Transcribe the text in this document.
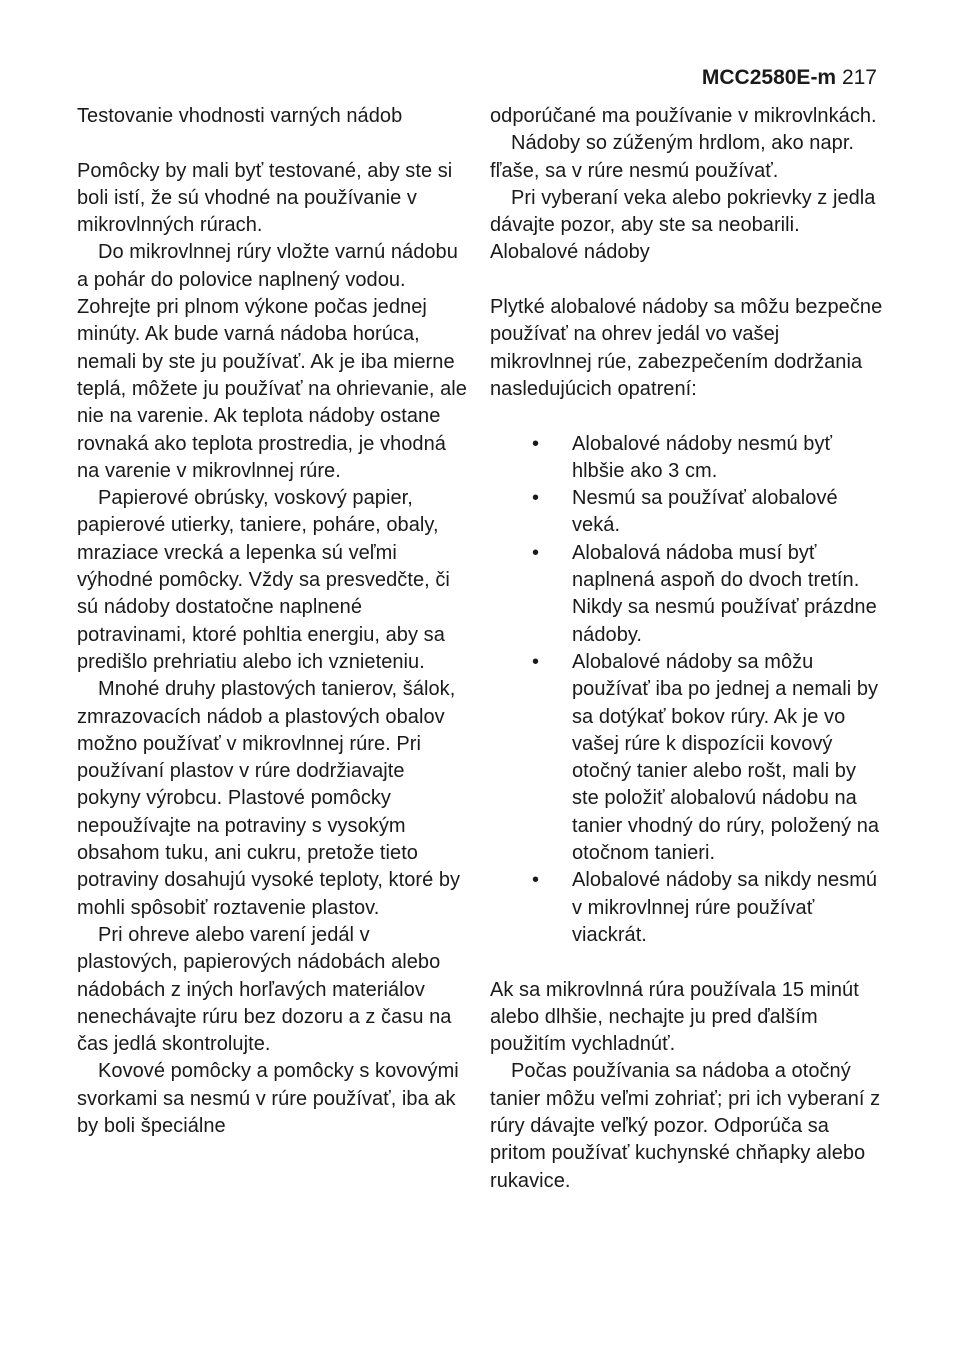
MCC2580E-m 217

Testovanie vhodnosti varných nádob

Pomôcky by mali byť testované, aby ste si boli istí, že sú vhodné na používanie v mikrovlnných rúrach.

Do mikrovlnnej rúry vložte varnú nádobu a pohár do polovice naplnený vodou. Zohrejte pri plnom výkone počas jednej minúty. Ak bude varná nádoba horúca, nemali by ste ju používať. Ak je iba mierne teplá, môžete ju používať na ohrievanie, ale nie na varenie. Ak teplota nádoby ostane rovnaká ako teplota prostredia, je vhodná na varenie v mikrovlnnej rúre.

Papierové obrúsky, voskový papier, papierové utierky, taniere, poháre, obaly, mraziace vrecká a lepenka sú veľmi výhodné pomôcky. Vždy sa presvedčte, či sú nádoby dostatočne naplnené potravinami, ktoré pohltia energiu, aby sa predišlo prehriatiu alebo ich vznieteniu.

Mnohé druhy plastových tanierov, šálok, zmrazovacích nádob a plastových obalov možno používať v mikrovlnnej rúre. Pri používaní plastov v rúre dodržiavajte pokyny výrobcu. Plastové pomôcky nepoužívajte na potraviny s vysokým obsahom tuku, ani cukru, pretože tieto potraviny dosahujú vysoké teploty, ktoré by mohli spôsobiť roztavenie plastov.

Pri ohreve alebo varení jedál v plastových, papierových nádobách alebo nádobách z iných horľavých materiálov nenechávajte rúru bez dozoru a z času na čas jedlá skontrolujte.

Kovové pomôcky a pomôcky s kovovými svorkami sa nesmú v rúre používať, iba ak by boli špeciálne

odporúčané ma používanie v mikrovlnkách.

Nádoby so zúženým hrdlom, ako napr. fľaše, sa v rúre nesmú používať.

Pri vyberaní veka alebo pokrievky z jedla dávajte pozor, aby ste sa neobarili.

Alobalové nádoby

Plytké alobalové nádoby sa môžu bezpečne používať na ohrev jedál vo vašej mikrovlnnej rúe, zabezpečením dodržania nasledujúcich opatrení:

• Alobalové nádoby nesmú byť hlbšie ako 3 cm.
• Nesmú sa používať alobalové veká.
• Alobalová nádoba musí byť naplnená aspoň do dvoch tretín. Nikdy sa nesmú používať prázdne nádoby.
• Alobalové nádoby sa môžu používať iba po jednej a nemali by sa dotýkať bokov rúry. Ak je vo vašej rúre k dispozícii kovový otočný tanier alebo rošt, mali by ste položiť alobalovú nádobu na tanier vhodný do rúry, položený na otočnom tanieri.
• Alobalové nádoby sa nikdy nesmú v mikrovlnnej rúre používať viackrát.

Ak sa mikrovlnná rúra používala 15 minút alebo dlhšie, nechajte ju pred ďalším použitím vychladnúť.

Počas používania sa nádoba a otočný tanier môžu veľmi zohriať; pri ich vyberaní z rúry dávajte veľký pozor. Odporúča sa pritom používať kuchynské chňapky alebo rukavice.
